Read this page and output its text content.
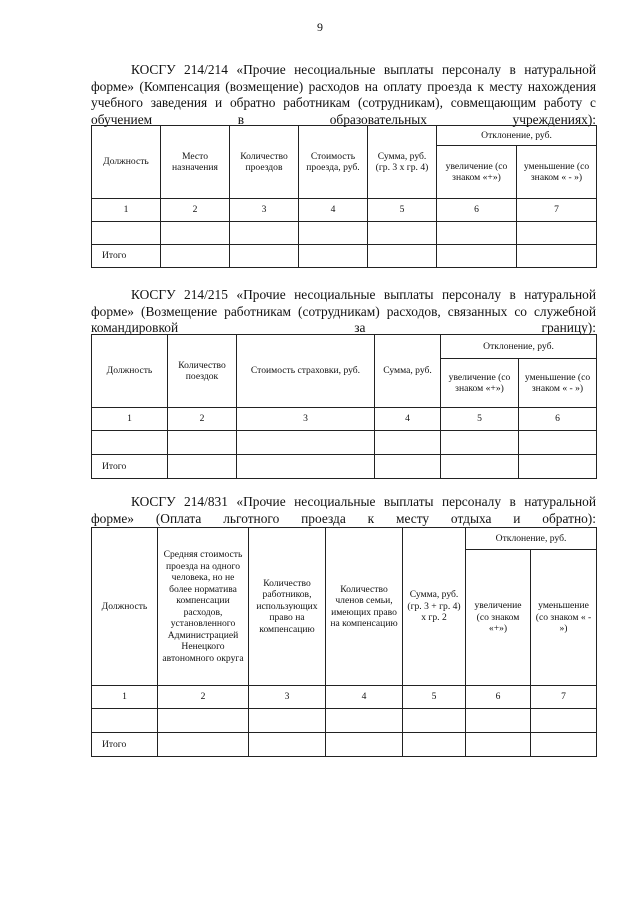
9

КОСГУ 214/214 «Прочие несоциальные выплаты персоналу в натуральной форме» (Компенсация (возмещение) расходов на оплату проезда к месту нахождения учебного заведения и обратно работникам (сотрудникам), совмещающим работу с обучением в образовательных учреждениях):

Должность	Место назначения	Количество проездов	Стоимость проезда, руб.	Сумма, руб. (гр. 3 х гр. 4)	Отклонение, руб.	
					увеличение (со знаком «+»)	уменьшение (со знаком « - »)
1	2	3	4	5	6	7

Итого						

КОСГУ 214/215 «Прочие несоциальные выплаты персоналу в натуральной форме» (Возмещение работникам (сотрудникам) расходов, связанных со служебной командировкой за границу):

Должность	Количество поездок	Стоимость страховки, руб.	Сумма, руб.	Отклонение, руб.	
				увеличение (со знаком «+»)	уменьшение (со знаком « - »)
1	2	3	4	5	6

Итого					

КОСГУ 214/831 «Прочие несоциальные выплаты персоналу в натуральной форме» (Оплата льготного проезда к месту отдыха и обратно):

Должность	Средняя стоимость проезда на одного человека, но не более норматива компенсации расходов, установленного Администрацией Ненецкого автономного округа	Количество работников, использующих право на компенсацию	Количество членов семьи, имеющих право на компенсацию	Сумма, руб. (гр. 3 + гр. 4) х гр. 2	Отклонение, руб.	
					увеличение (со знаком «+»)	уменьшение (со знаком « - »)
1	2	3	4	5	6	7

Итого						
